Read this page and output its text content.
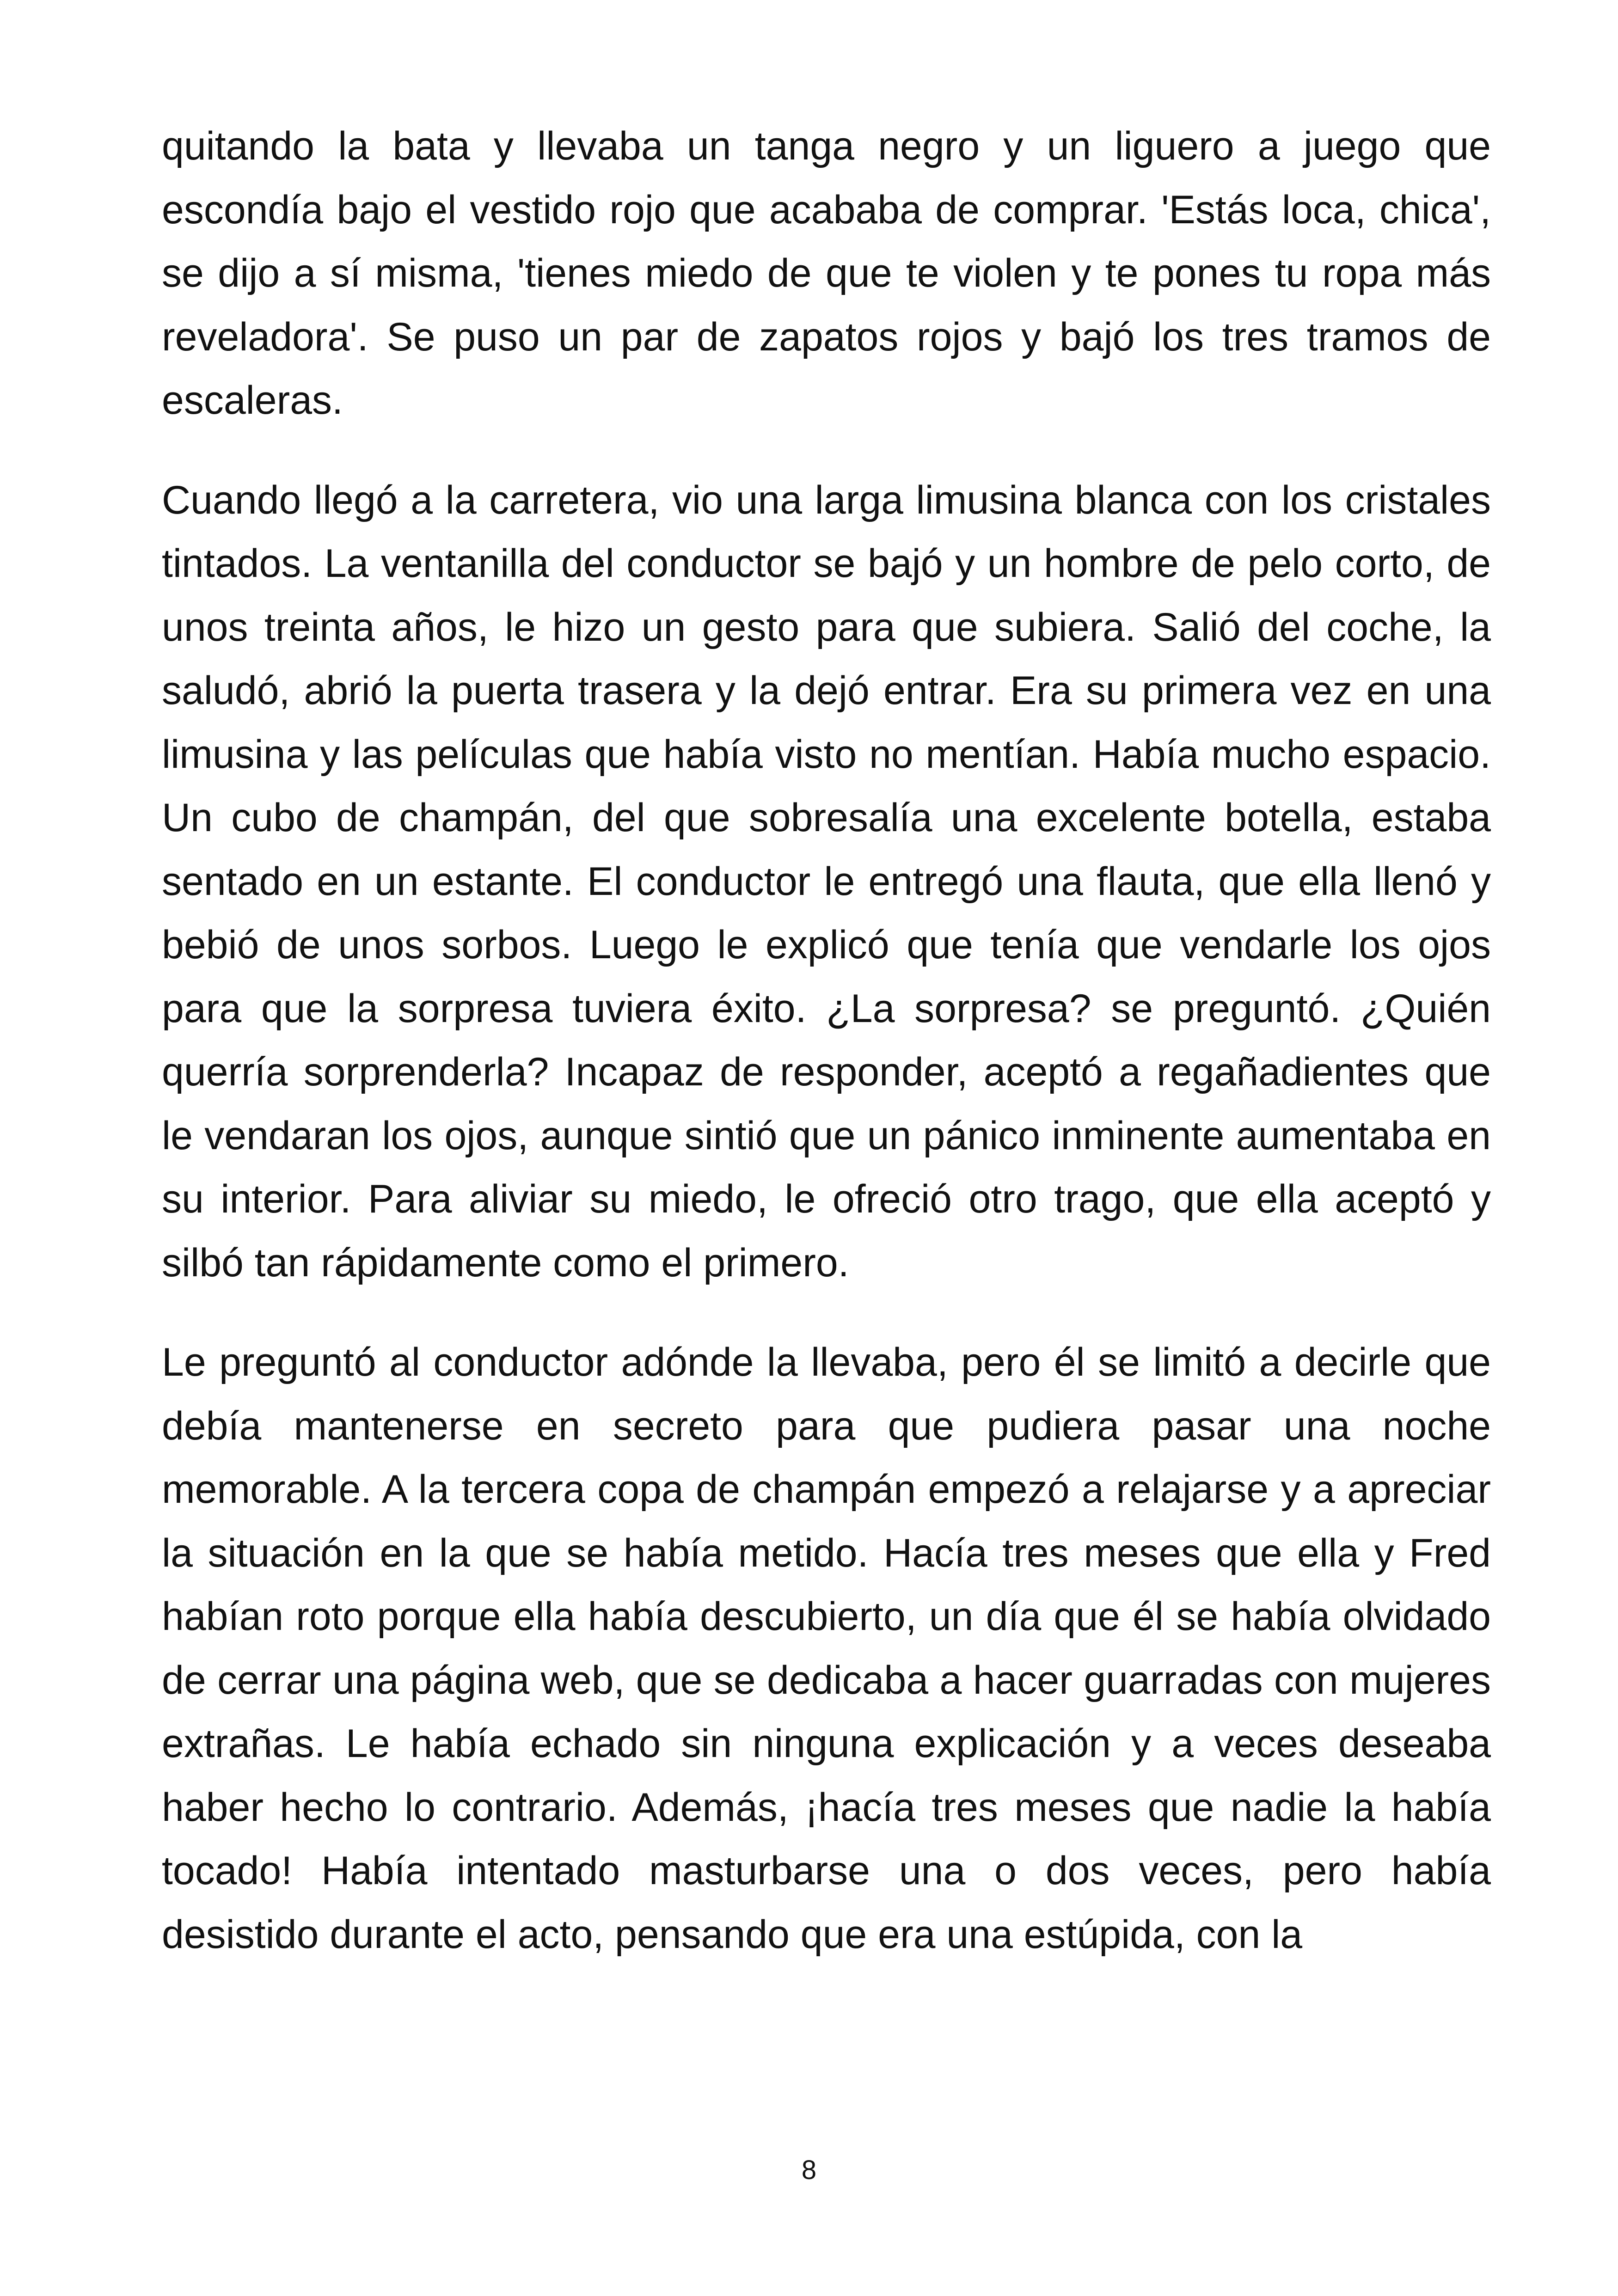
quitando la bata y llevaba un tanga negro y un liguero a juego que escondía bajo el vestido rojo que acababa de comprar. 'Estás loca, chica', se dijo a sí misma, 'tienes miedo de que te violen y te pones tu ropa más reveladora'. Se puso un par de zapatos rojos y bajó los tres tramos de escaleras.

Cuando llegó a la carretera, vio una larga limusina blanca con los cristales tintados. La ventanilla del conductor se bajó y un hombre de pelo corto, de unos treinta años, le hizo un gesto para que subiera. Salió del coche, la saludó, abrió la puerta trasera y la dejó entrar. Era su primera vez en una limusina y las películas que había visto no mentían. Había mucho espacio. Un cubo de champán, del que sobresalía una excelente botella, estaba sentado en un estante. El conductor le entregó una flauta, que ella llenó y bebió de unos sorbos. Luego le explicó que tenía que vendarle los ojos para que la sorpresa tuviera éxito. ¿La sorpresa? se preguntó. ¿Quién querría sorprenderla? Incapaz de responder, aceptó a regañadientes que le vendaran los ojos, aunque sintió que un pánico inminente aumentaba en su interior. Para aliviar su miedo, le ofreció otro trago, que ella aceptó y silbó tan rápidamente como el primero.

Le preguntó al conductor adónde la llevaba, pero él se limitó a decirle que debía mantenerse en secreto para que pudiera pasar una noche memorable. A la tercera copa de champán empezó a relajarse y a apreciar la situación en la que se había metido. Hacía tres meses que ella y Fred habían roto porque ella había descubierto, un día que él se había olvidado de cerrar una página web, que se dedicaba a hacer guarradas con mujeres extrañas. Le había echado sin ninguna explicación y a veces deseaba haber hecho lo contrario. Además, ¡hacía tres meses que nadie la había tocado! Había intentado masturbarse una o dos veces, pero había desistido durante el acto, pensando que era una estúpida, con la

8
